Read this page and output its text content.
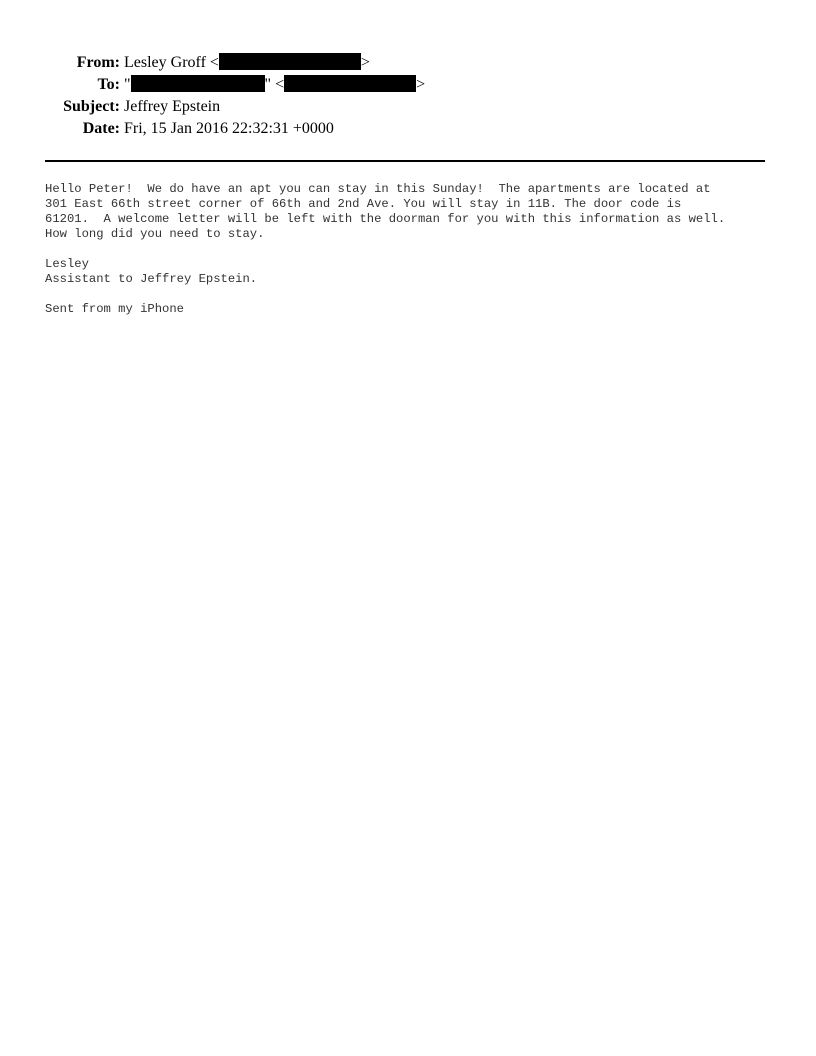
From: Lesley Groff <	>
To: "	" <	>
Subject: Jeffrey Epstein
Date: Fri, 15 Jan 2016 22:32:31 +0000
Hello Peter!  We do have an apt you can stay in this Sunday!  The apartments are located at
301 East 66th street corner of 66th and 2nd Ave. You will stay in 11B. The door code is
61201.  A welcome letter will be left with the doorman for you with this information as well.
How long did you need to stay.
Lesley
Assistant to Jeffrey Epstein.
Sent from my iPhone
